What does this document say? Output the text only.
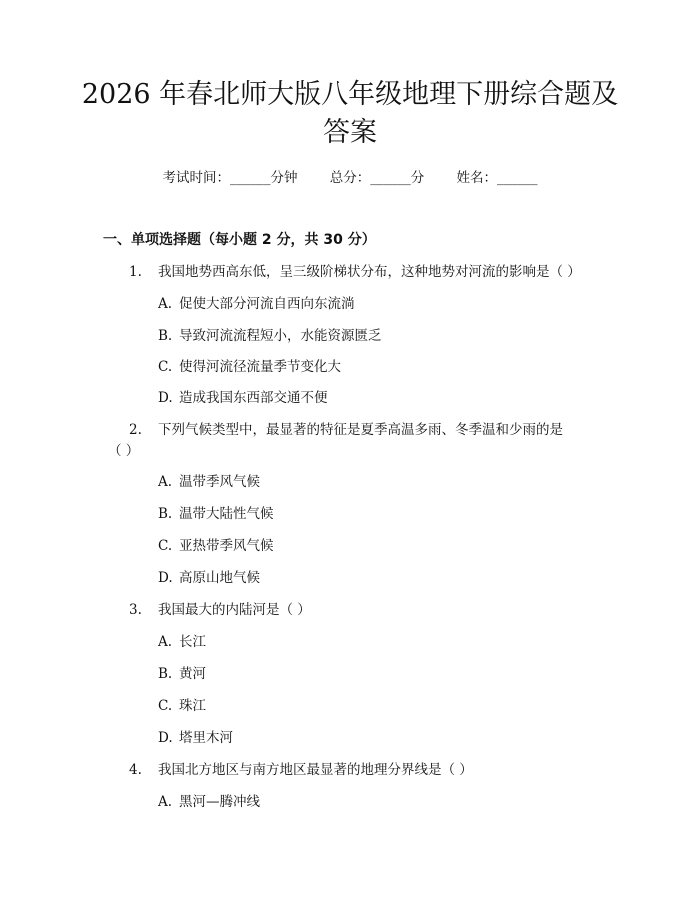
2026 年春北师大版八年级地理下册综合题及
答案
考试时间：______分钟 总分：______分 姓名：______
一、单项选择题（每小题 2 分，共 30 分）
1. 我国地势西高东低，呈三级阶梯状分布，这种地势对河流的影响是（ ）
A. 促使大部分河流自西向东流淌
B. 导致河流流程短小，水能资源匮乏
C. 使得河流径流量季节变化大
D. 造成我国东西部交通不便
2. 下列气候类型中，最显著的特征是夏季高温多雨、冬季温和少雨的是
（ ）
A. 温带季风气候
B. 温带大陆性气候
C. 亚热带季风气候
D. 高原山地气候
3. 我国最大的内陆河是（ ）
A. 长江
B. 黄河
C. 珠江
D. 塔里木河
4. 我国北方地区与南方地区最显著的地理分界线是（ ）
A. 黑河—腾冲线
